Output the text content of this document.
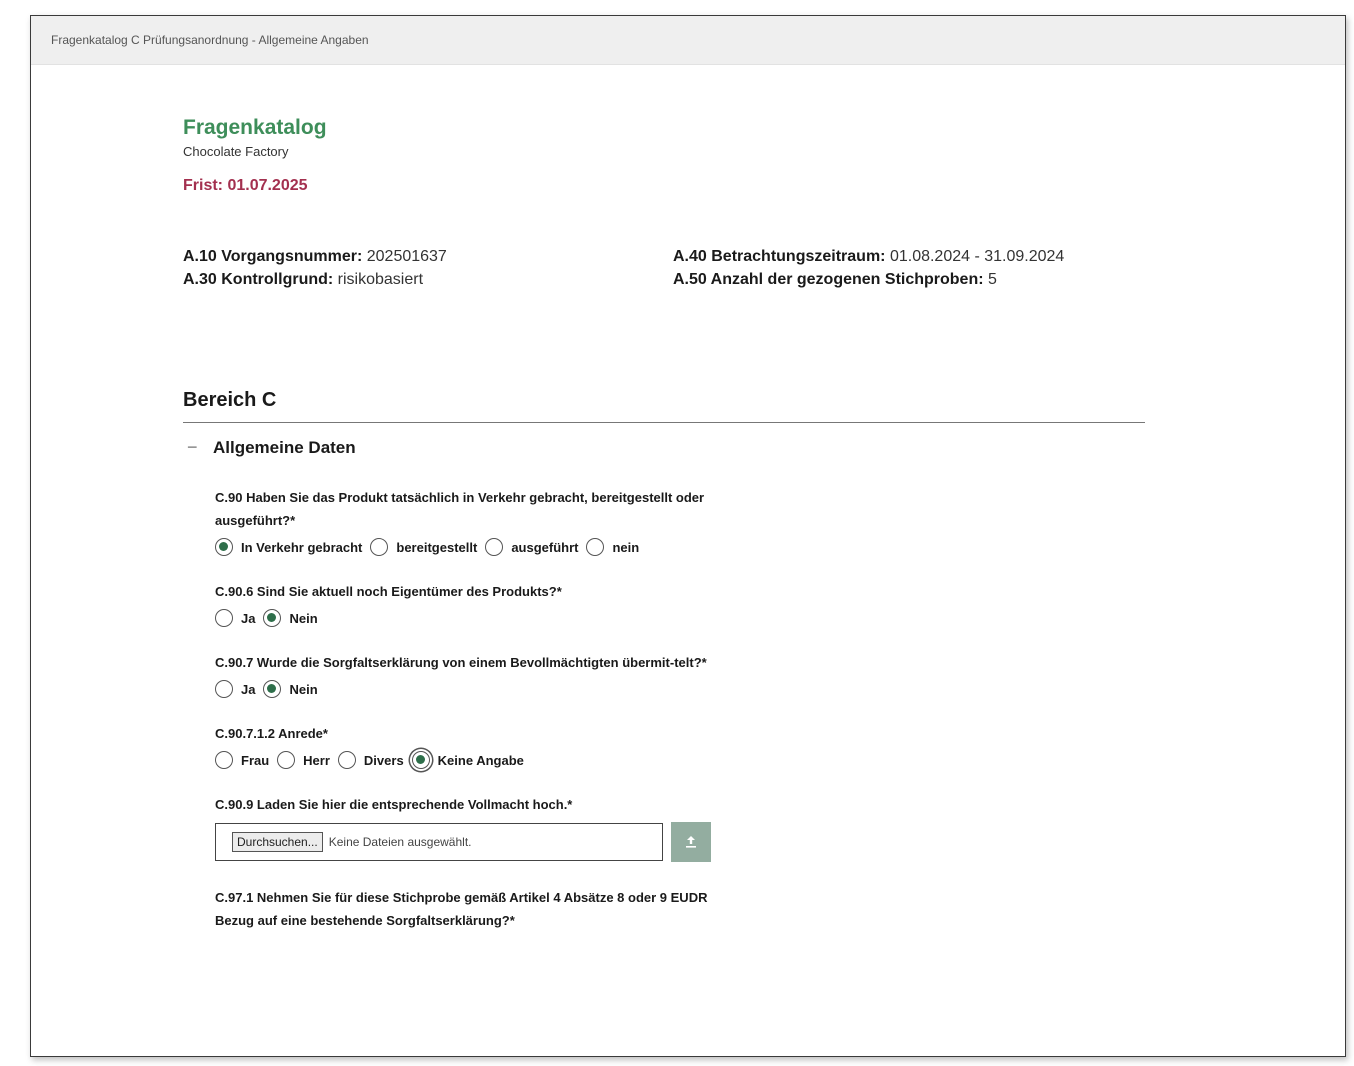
Fragenkatalog C Prüfungsanordnung - Allgemeine Angaben
Fragenkatalog
Chocolate Factory
Frist: 01.07.2025
A.10 Vorgangsnummer: 202501637
A.30 Kontrollgrund: risikobasiert
A.40 Betrachtungszeitraum: 01.08.2024 - 31.09.2024
A.50 Anzahl der gezogenen Stichproben: 5
Bereich C
− Allgemeine Daten
C.90 Haben Sie das Produkt tatsächlich in Verkehr gebracht, bereitgestellt oder ausgeführt?*
In Verkehr gebracht	bereitgestellt	ausgeführt	nein
C.90.6 Sind Sie aktuell noch Eigentümer des Produkts?*
Ja	Nein
C.90.7 Wurde die Sorgfaltserklärung von einem Bevollmächtigten übermit-telt?*
Ja	Nein
C.90.7.1.2 Anrede*
Frau	Herr	Divers	Keine Angabe
C.90.9 Laden Sie hier die entsprechende Vollmacht hoch.*
Durchsuchen... Keine Dateien ausgewählt.
C.97.1 Nehmen Sie für diese Stichprobe gemäß Artikel 4 Absätze 8 oder 9 EUDR Bezug auf eine bestehende Sorgfaltserklärung?*
